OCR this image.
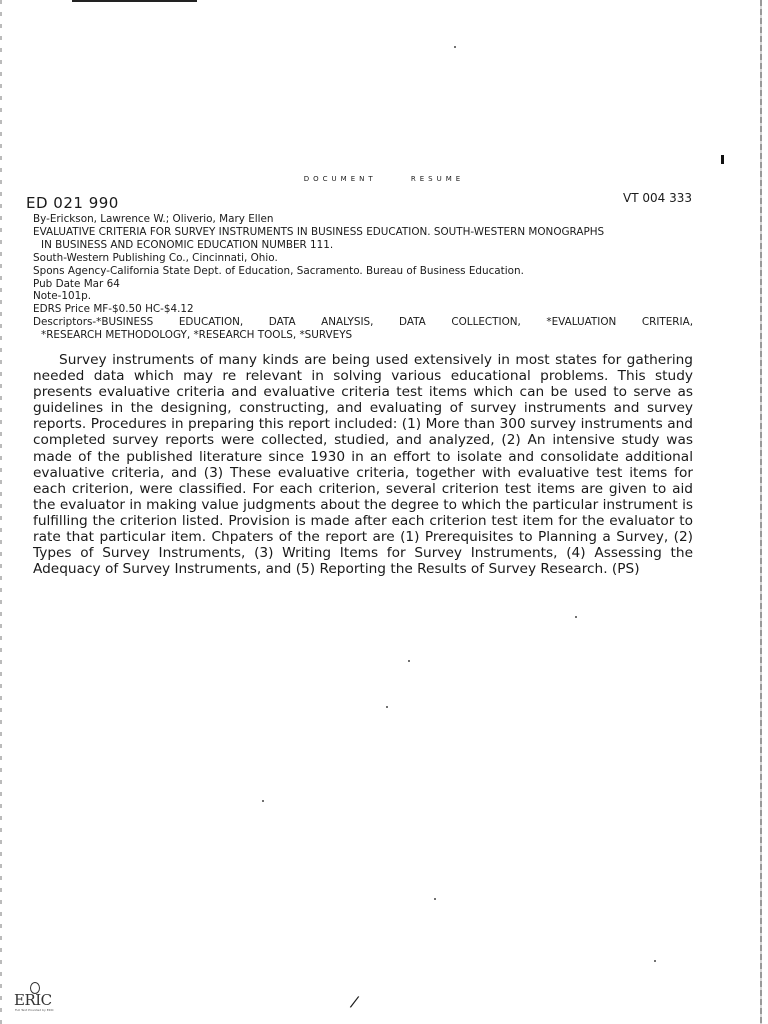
DOCUMENT	RESUME
ED 021 990	VT 004 333
By-Erickson, Lawrence W.; Oliverio, Mary Ellen
EVALUATIVE CRITERIA FOR SURVEY INSTRUMENTS IN BUSINESS EDUCATION. SOUTH-WESTERN MONOGRAPHS
IN BUSINESS AND ECONOMIC EDUCATION NUMBER 111.
South-Western Publishing Co., Cincinnati, Ohio.
Spons Agency-California State Dept. of Education, Sacramento. Bureau of Business Education.
Pub Date Mar 64
Note-101p.
EDRS Price MF-$0.50 HC-$4.12
Descriptors-*BUSINESS EDUCATION, DATA ANALYSIS, DATA COLLECTION, *EVALUATION CRITERIA,
*RESEARCH METHODOLOGY, *RESEARCH TOOLS, *SURVEYS

Survey instruments of many kinds are being used extensively in most states for gathering needed data which may re relevant in solving various educational problems. This study presents evaluative criteria and evaluative criteria test items which can be used to serve as guidelines in the designing, constructing, and evaluating of survey instruments and survey reports. Procedures in preparing this report included: (1) More than 300 survey instruments and completed survey reports were collected, studied, and analyzed, (2) An intensive study was made of the published literature since 1930 in an effort to isolate and consolidate additional evaluative criteria, and (3) These evaluative criteria, together with evaluative test items for each criterion, were classified. For each criterion, several criterion test items are given to aid the evaluator in making value judgments about the degree to which the particular instrument is fulfilling the criterion listed. Provision is made after each criterion test item for the evaluator to rate that particular item. Chpaters of the report are (1) Prerequisites to Planning a Survey, (2) Types of Survey Instruments, (3) Writing Items for Survey Instruments, (4) Assessing the Adequacy of Survey Instruments, and (5) Reporting the Results of Survey Research. (PS)

/
ERIC
Full Text Provided by ERIC
